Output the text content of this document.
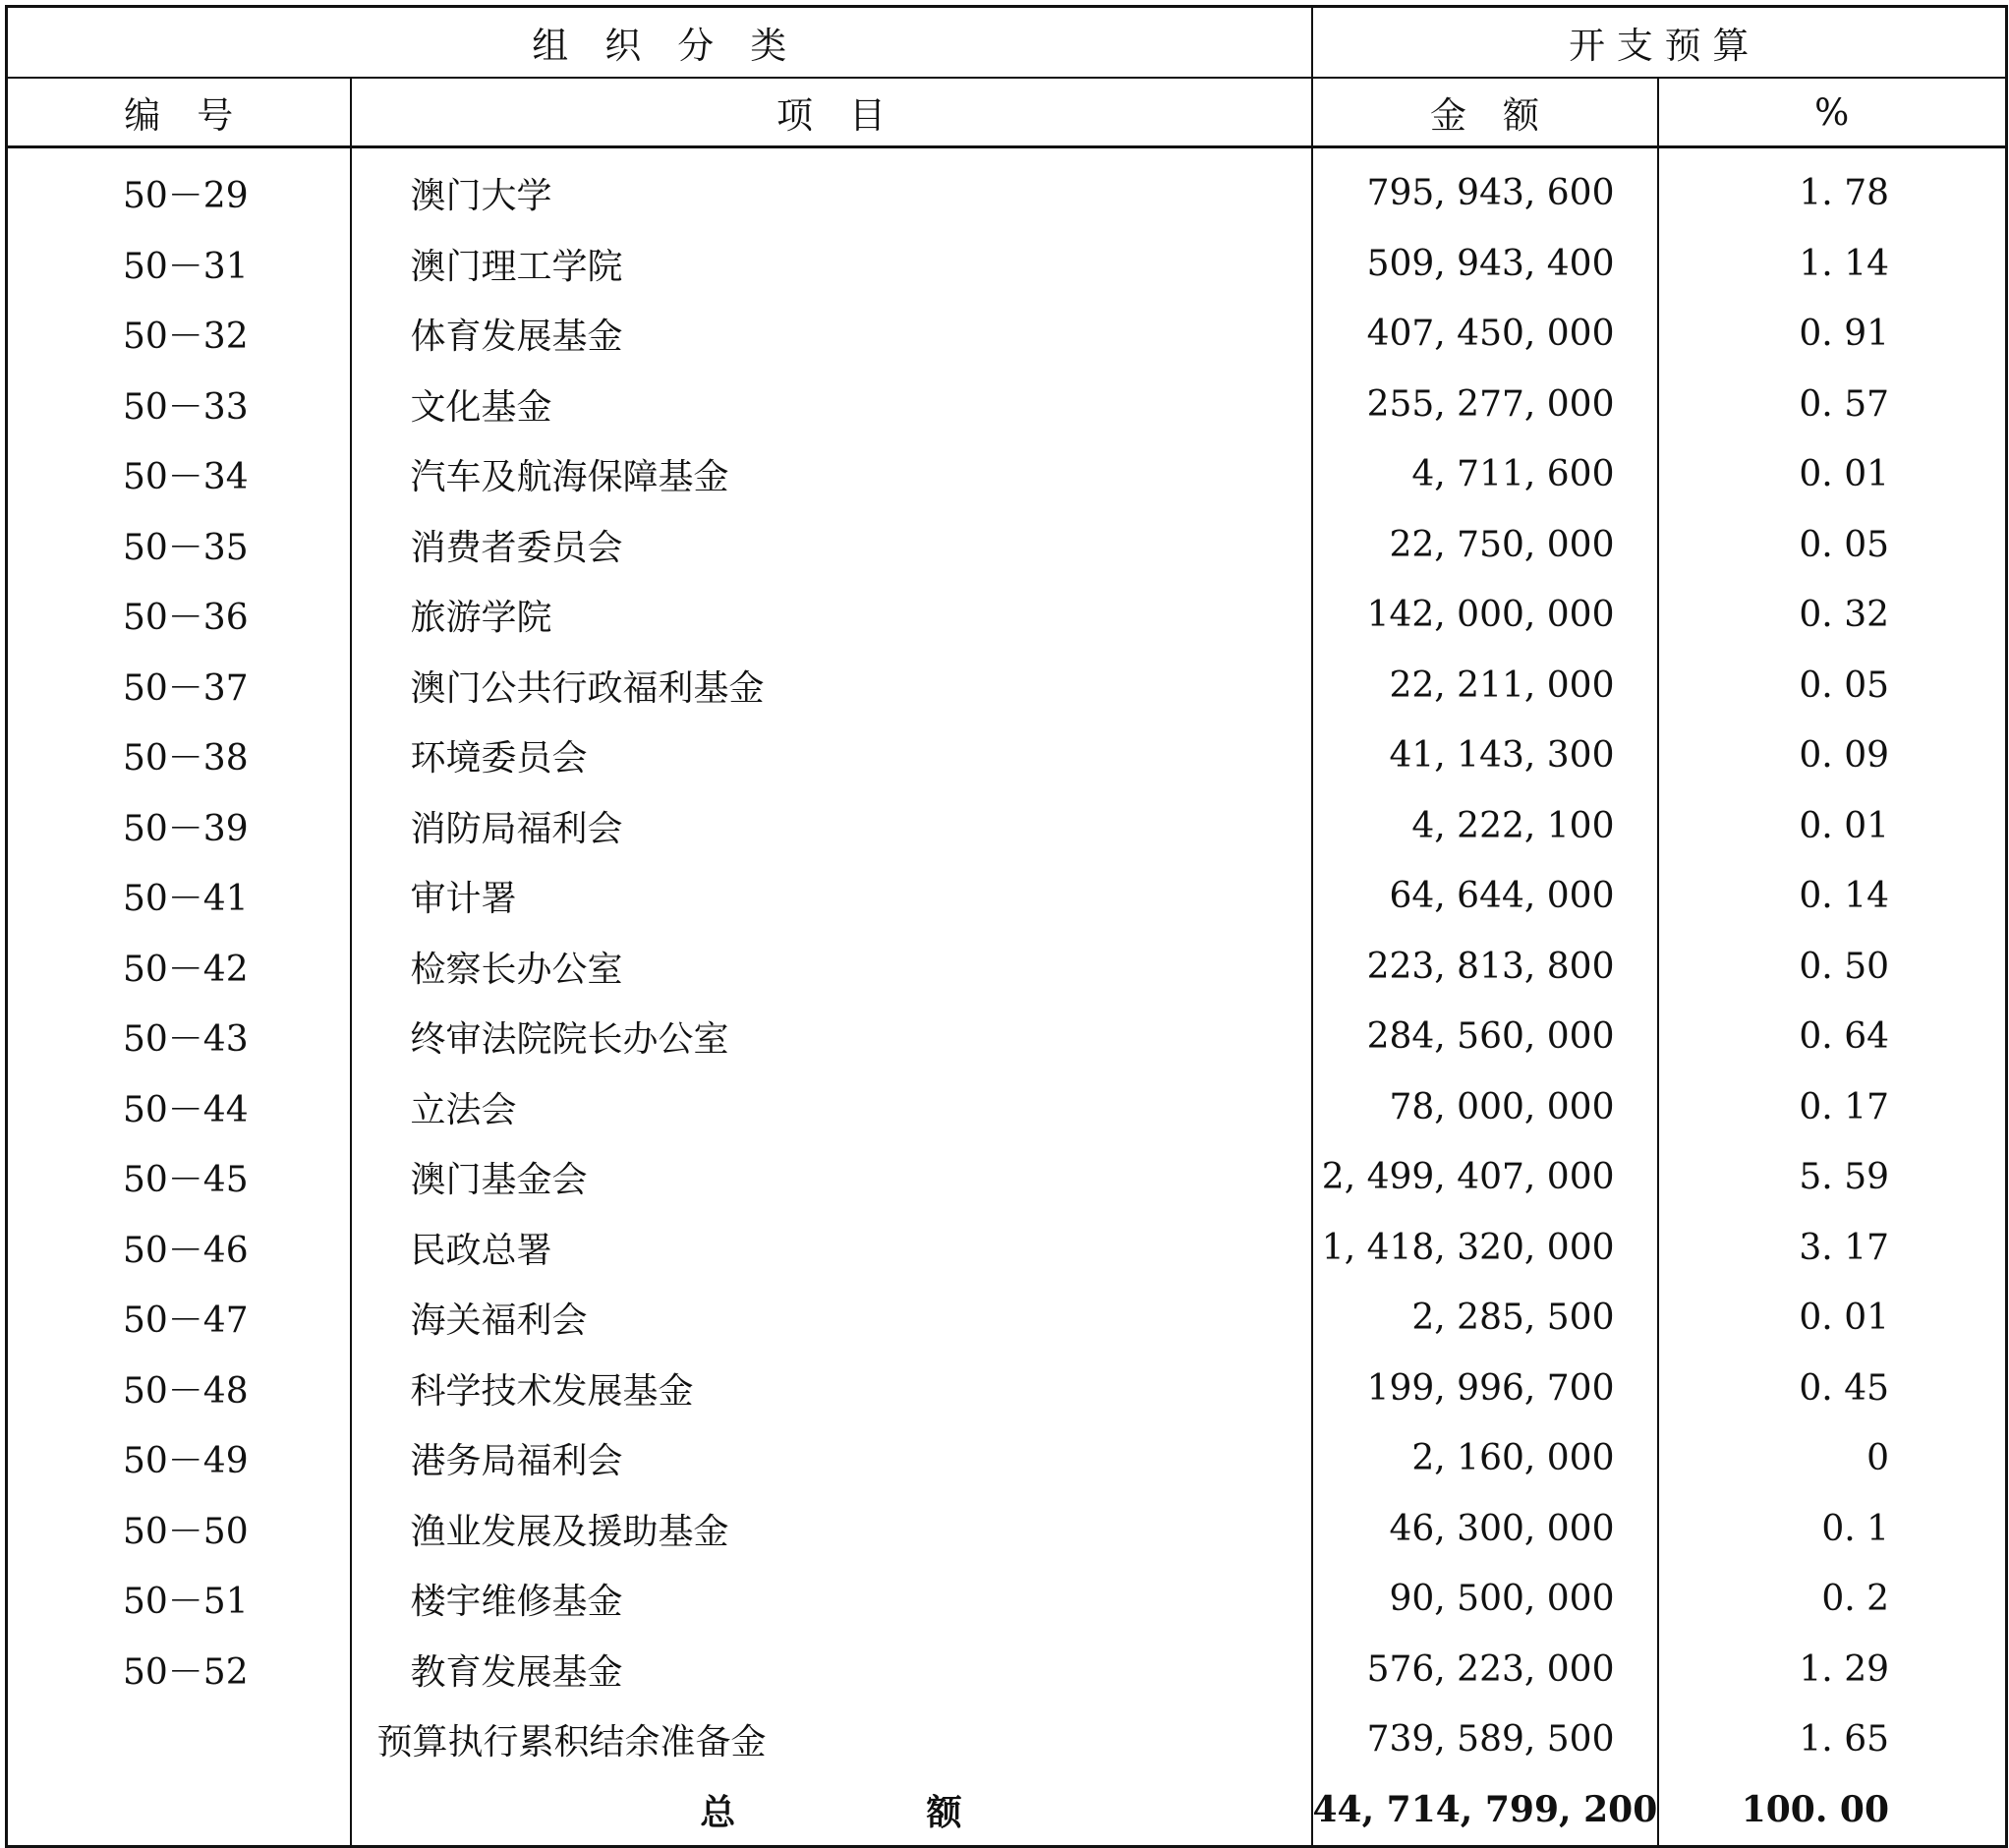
组　织　分　类		开 支 预 算	
编　号	项　目	金　额	%
50－29	澳门大学	795, 943, 600	1. 78
50－31	澳门理工学院	509, 943, 400	1. 14
50－32	体育发展基金	407, 450, 000	0. 91
50－33	文化基金	255, 277, 000	0. 57
50－34	汽车及航海保障基金	4, 711, 600	0. 01
50－35	消费者委员会	22, 750, 000	0. 05
50－36	旅游学院	142, 000, 000	0. 32
50－37	澳门公共行政福利基金	22, 211, 000	0. 05
50－38	环境委员会	41, 143, 300	0. 09
50－39	消防局福利会	4, 222, 100	0. 01
50－41	审计署	64, 644, 000	0. 14
50－42	检察长办公室	223, 813, 800	0. 50
50－43	终审法院院长办公室	284, 560, 000	0. 64
50－44	立法会	78, 000, 000	0. 17
50－45	澳门基金会	2, 499, 407, 000	5. 59
50－46	民政总署	1, 418, 320, 000	3. 17
50－47	海关福利会	2, 285, 500	0. 01
50－48	科学技术发展基金	199, 996, 700	0. 45
50－49	港务局福利会	2, 160, 000	0
50－50	渔业发展及援助基金	46, 300, 000	0. 1
50－51	楼宇维修基金	90, 500, 000	0. 2
50－52	教育发展基金	576, 223, 000	1. 29
	预算执行累积结余准备金	739, 589, 500	1. 65
	总　额	44, 714, 799, 200	100. 00
